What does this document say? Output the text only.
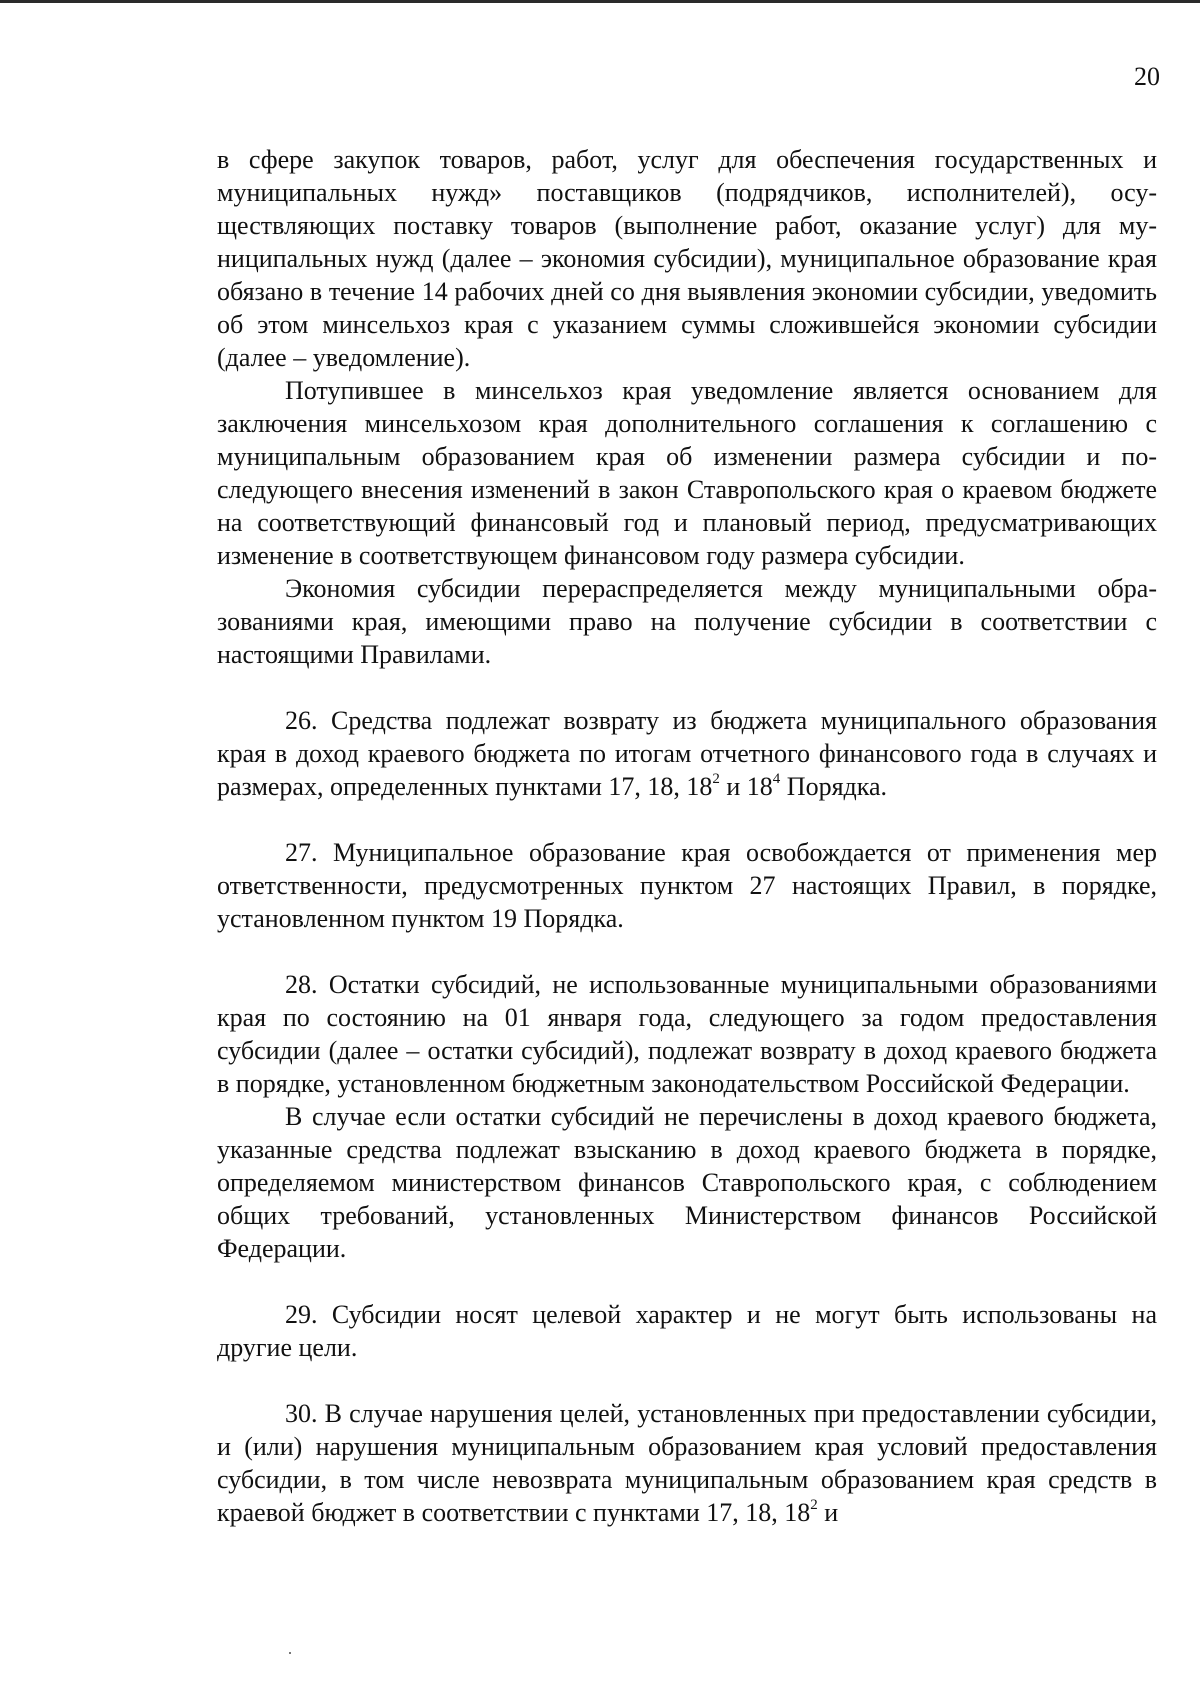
20

в сфере закупок товаров, работ, услуг для обеспечения государственных и муниципальных нужд» поставщиков (подрядчиков, исполнителей), осуществляющих поставку товаров (выполнение работ, оказание услуг) для муниципальных нужд (далее – экономия субсидии), муниципальное образование края обязано в течение 14 рабочих дней со дня выявления экономии субсидии, уведомить об этом минсельхоз края с указанием суммы сложившейся экономии субсидии (далее – уведомление).

Потупившее в минсельхоз края уведомление является основанием для заключения минсельхозом края дополнительного соглашения к соглашению с муниципальным образованием края об изменении размера субсидии и последующего внесения изменений в закон Ставропольского края о краевом бюджете на соответствующий финансовый год и плановый период, предусматривающих изменение в соответствующем финансовом году размера субсидии.

Экономия субсидии перераспределяется между муниципальными образованиями края, имеющими право на получение субсидии в соответствии с настоящими Правилами.

26. Средства подлежат возврату из бюджета муниципального образования края в доход краевого бюджета по итогам отчетного финансового года в случаях и размерах, определенных пунктами 17, 18, $18^2$ и $18^4$ Порядка.

27. Муниципальное образование края освобождается от применения мер ответственности, предусмотренных пунктом 27 настоящих Правил, в порядке, установленном пунктом 19 Порядка.

28. Остатки субсидий, не использованные муниципальными образованиями края по состоянию на 01 января года, следующего за годом предоставления субсидии (далее – остатки субсидий), подлежат возврату в доход краевого бюджета в порядке, установленном бюджетным законодательством Российской Федерации.

В случае если остатки субсидий не перечислены в доход краевого бюджета, указанные средства подлежат взысканию в доход краевого бюджета в порядке, определяемом министерством финансов Ставропольского края, с соблюдением общих требований, установленных Министерством финансов Российской Федерации.

29. Субсидии носят целевой характер и не могут быть использованы на другие цели.

30. В случае нарушения целей, установленных при предоставлении субсидии, и (или) нарушения муниципальным образованием края условий предоставления субсидии, в том числе невозврата муниципальным образованием края средств в краевой бюджет в соответствии с пунктами 17, 18, $18^2$ и
